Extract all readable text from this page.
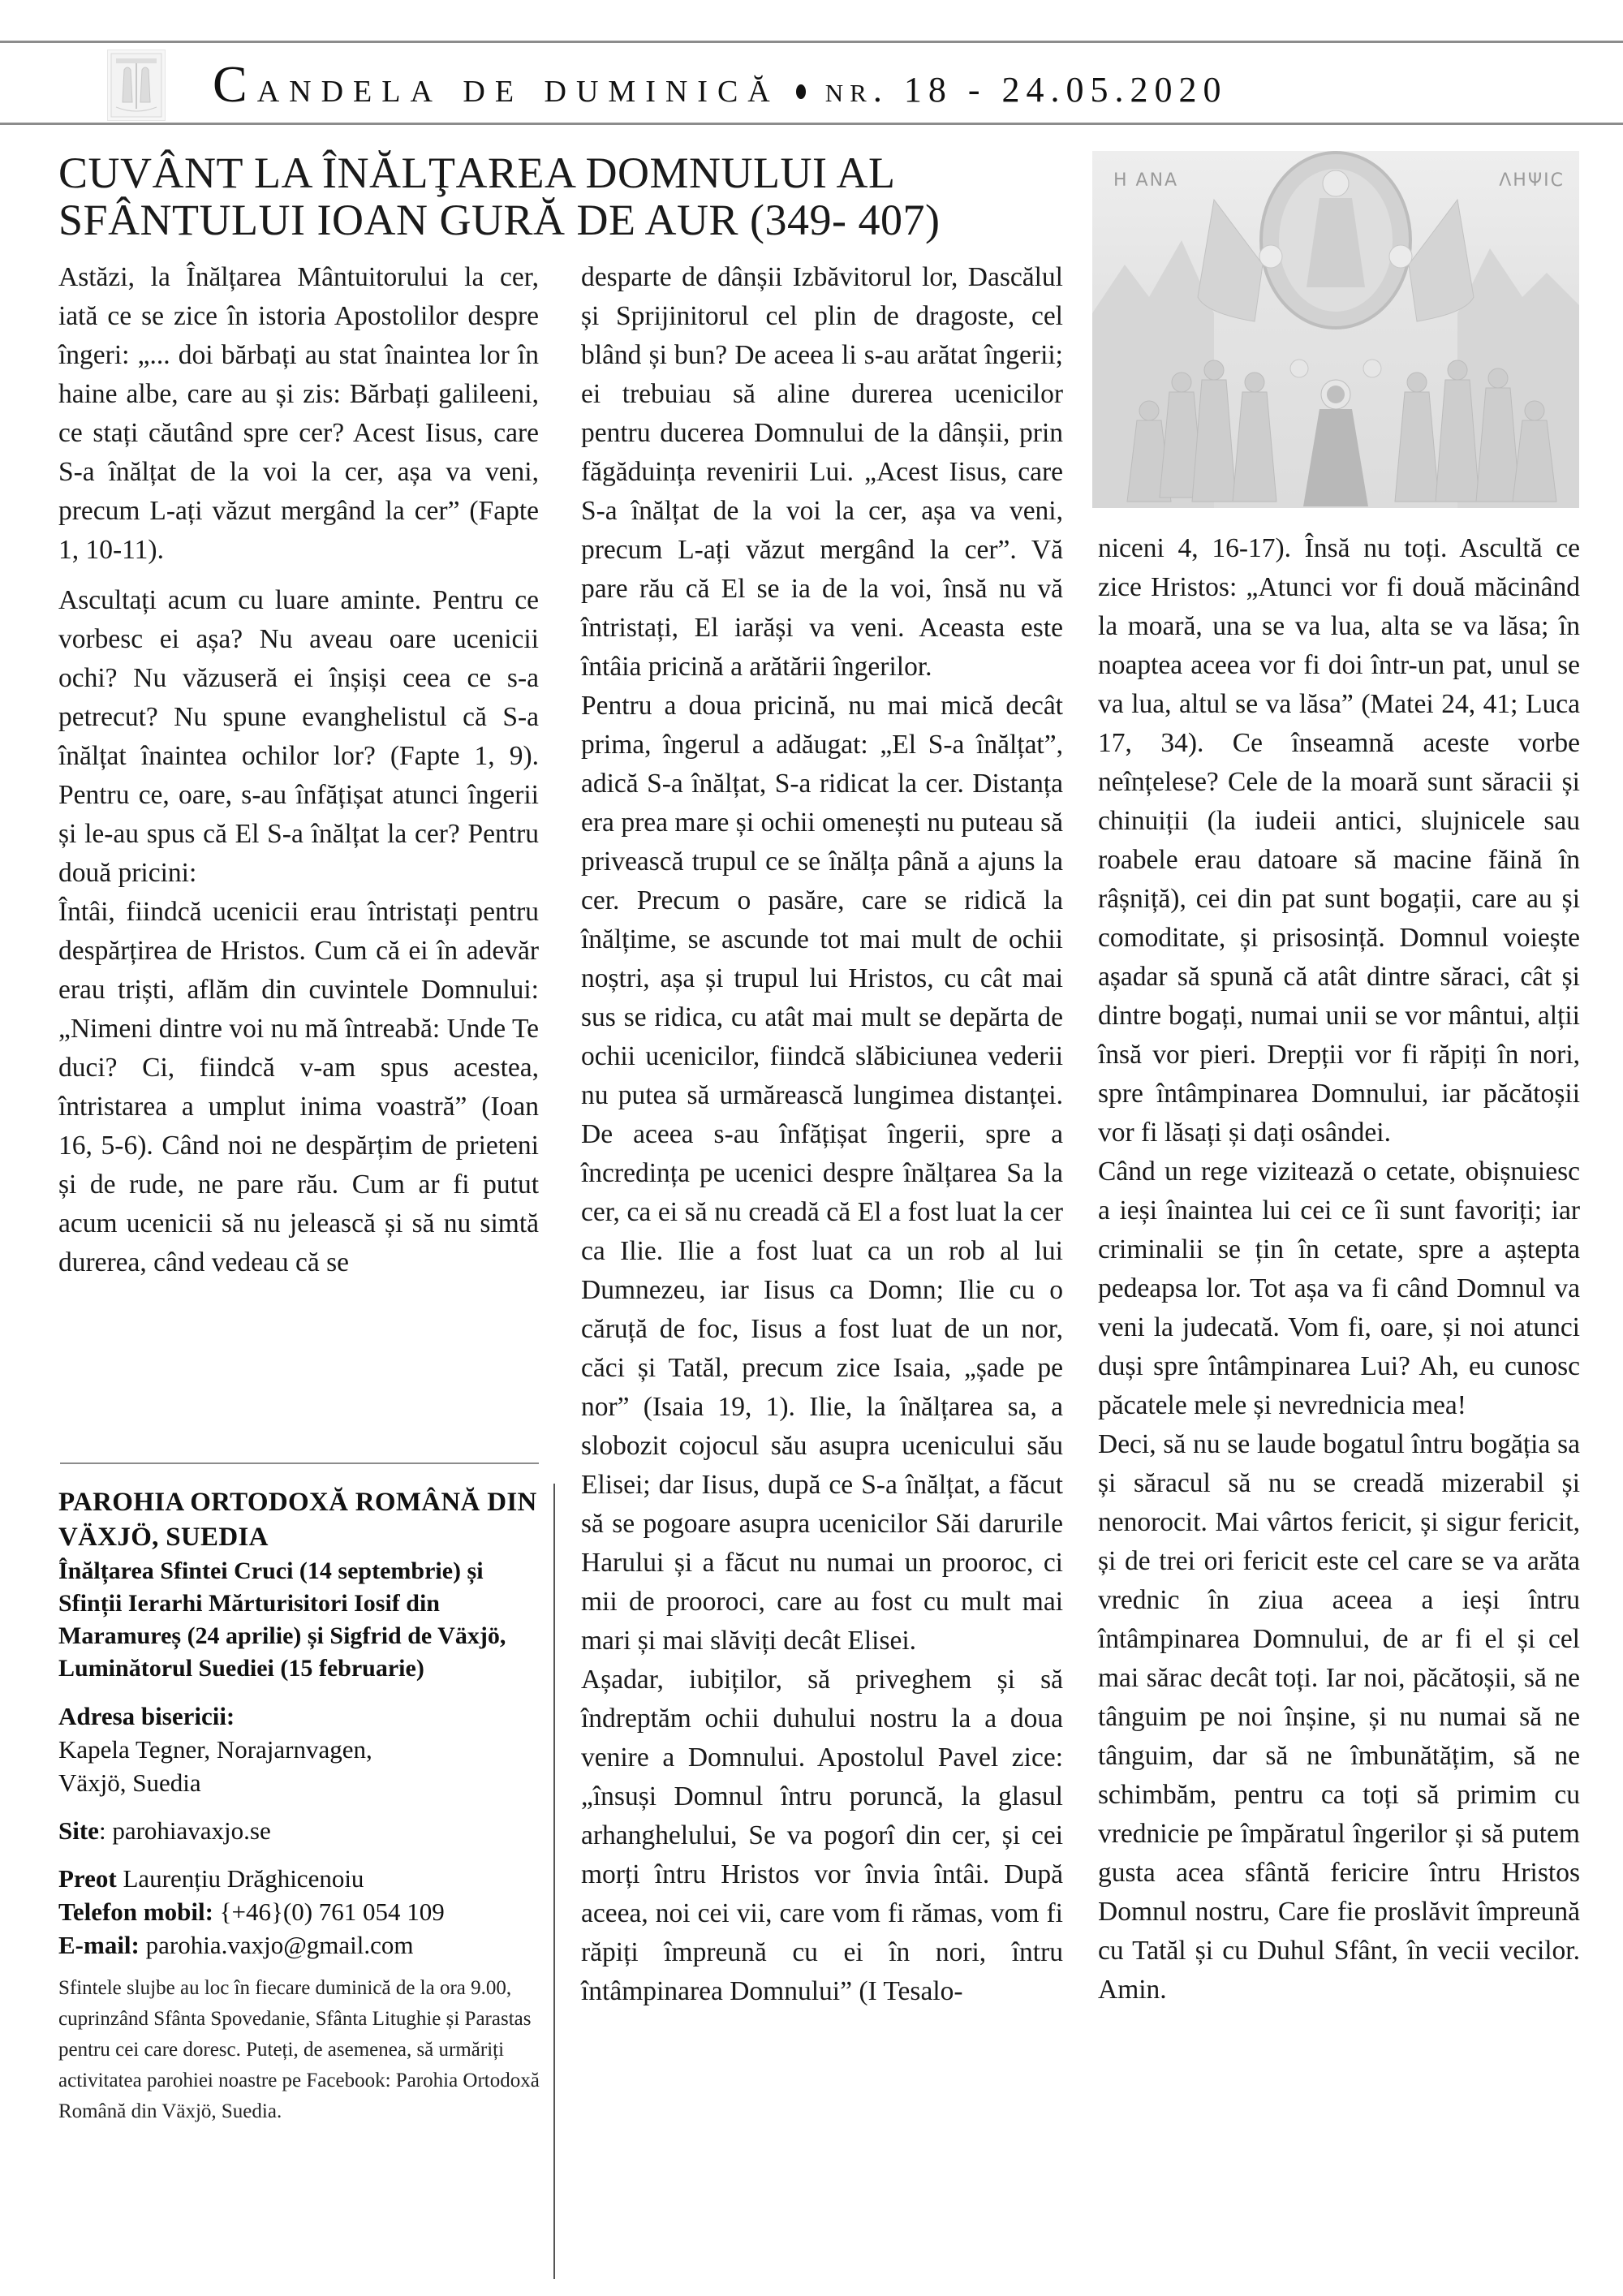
Candela de duminică nr. 18 - 24.05.2020
CUVÂNT LA ÎNĂLŢAREA DOMNULUI AL
SFÂNTULUI IOAN GURĂ DE AUR (349- 407)
Η ΑΝΑ	ΛΗΨΙϹ

Astăzi, la Înălțarea Mântuitorului la cer, iată ce se zice în istoria Apostolilor despre îngeri: „... doi bărbați au stat înaintea lor în haine albe, care au și zis: Bărbați galileeni, ce stați căutând spre cer? Acest Iisus, care S-a înălțat de la voi la cer, așa va veni, precum L-ați văzut mergând la cer” (Fapte 1, 10-11).

Ascultați acum cu luare aminte. Pentru ce vorbesc ei așa? Nu aveau oare ucenicii ochi? Nu văzuseră ei înșiși ceea ce s-a petrecut? Nu spune evanghelistul că S-a înălțat înaintea ochilor lor? (Fapte 1, 9). Pentru ce, oare, s-au înfățișat atunci îngerii și le-au spus că El S-a înălțat la cer? Pentru două pricini:

Întâi, fiindcă ucenicii erau întristați pentru despărțirea de Hristos. Cum că ei în adevăr erau triști, aflăm din cuvintele Domnului: „Nimeni dintre voi nu mă întreabă: Unde Te duci? Ci, fiindcă v-am spus acestea, întristarea a umplut inima voastră” (Ioan 16, 5-6). Când noi ne despărțim de prieteni și de rude, ne pare rău. Cum ar fi putut acum ucenicii să nu jelească și să nu simtă durerea, când vedeau că se

desparte de dânșii Izbăvitorul lor, Dascălul și Sprijinitorul cel plin de dragoste, cel blând și bun? De aceea li s-au arătat îngerii; ei trebuiau să aline durerea ucenicilor pentru ducerea Domnului de la dânșii, prin făgăduința revenirii Lui. „Acest Iisus, care S-a înălțat de la voi la cer, așa va veni, precum L-ați văzut mergând la cer”. Vă pare rău că El se ia de la voi, însă nu vă întristați, El iarăși va veni. Aceasta este întâia pricină a arătării îngerilor.

Pentru a doua pricină, nu mai mică decât prima, îngerul a adăugat: „El S-a înălțat”, adică S-a înălțat, S-a ridicat la cer. Distanța era prea mare și ochii omenești nu puteau să privească trupul ce se înălța până a ajuns la cer. Precum o pasăre, care se ridică la înălțime, se ascunde tot mai mult de ochii noștri, așa și trupul lui Hristos, cu cât mai sus se ridica, cu atât mai mult se depărta de ochii ucenicilor, fiindcă slăbiciunea vederii nu putea să urmărească lungimea distanței. De aceea s-au înfățișat îngerii, spre a încredința pe ucenici despre înălțarea Sa la cer, ca ei să nu creadă că El a fost luat la cer ca Ilie. Ilie a fost luat ca un rob al lui Dumnezeu, iar Iisus ca Domn; Ilie cu o căruță de foc, Iisus a fost luat de un nor, căci și Tatăl, precum zice Isaia, „șade pe nor” (Isaia 19, 1). Ilie, la înălțarea sa, a slobozit cojocul său asupra ucenicului său Elisei; dar Iisus, după ce S-a înălțat, a făcut să se pogoare asupra ucenicilor Săi darurile Harului și a făcut nu numai un prooroc, ci mii de prooroci, care au fost cu mult mai mari și mai slăviți decât Elisei.

Așadar, iubiților, să priveghem și să îndreptăm ochii duhului nostru la a doua venire a Domnului. Apostolul Pavel zice: „însuși Domnul întru poruncă, la glasul arhanghelului, Se va pogorî din cer, și cei morți întru Hristos vor învia întâi. După aceea, noi cei vii, care vom fi rămas, vom fi răpiți împreună cu ei în nori, întru întâmpinarea Domnului” (I Tesalo-

niceni 4, 16-17). Însă nu toți. Ascultă ce zice Hristos: „Atunci vor fi două măcinând la moară, una se va lua, alta se va lăsa; în noaptea aceea vor fi doi într-un pat, unul se va lua, altul se va lăsa” (Matei 24, 41; Luca 17, 34). Ce înseamnă aceste vorbe neînțelese? Cele de la moară sunt săracii și chinuiții (la iudeii antici, slujnicele sau roabele erau datoare să macine făină în râșniță), cei din pat sunt bogații, care au și comoditate, și prisosință. Domnul voiește așadar să spună că atât dintre săraci, cât și dintre bogați, numai unii se vor mântui, alții însă vor pieri. Drepții vor fi răpiți în nori, spre întâmpinarea Domnului, iar păcătoșii vor fi lăsați și dați osândei.

Când un rege vizitează o cetate, obișnuiesc a ieși înaintea lui cei ce îi sunt favoriți; iar criminalii se țin în cetate, spre a aștepta pedeapsa lor. Tot așa va fi când Domnul va veni la judecată. Vom fi, oare, și noi atunci duși spre întâmpinarea Lui? Ah, eu cunosc păcatele mele și nevrednicia mea!

Deci, să nu se laude bogatul întru bogăția sa și săracul să nu se creadă mizerabil și nenorocit. Mai vârtos fericit, și sigur fericit, și de trei ori fericit este cel care se va arăta vrednic în ziua aceea a ieși întru întâmpinarea Domnului, de ar fi el și cel mai sărac decât toți. Iar noi, păcătoșii, să ne tânguim pe noi înșine, și nu numai să ne tânguim, dar să ne îmbunătățim, să ne schimbăm, pentru ca toți să primim cu vrednicie pe împăratul îngerilor și să putem gusta acea sfântă fericire întru Hristos Domnul nostru, Care fie proslăvit împreună cu Tatăl și cu Duhul Sfânt, în vecii vecilor. Amin.

PAROHIA ORTODOXĂ ROMÂNĂ DIN VÄXJÖ, SUEDIA
Înălțarea Sfintei Cruci (14 septembrie) și Sfinții Ierarhi Mărturisitori Iosif din Maramureș (24 aprilie) și Sigfrid de Växjö, Luminătorul Suediei (15 februarie)
Adresa bisericii:
Kapela Tegner, Norajarnvagen,
Växjö, Suedia
Site: parohiavaxjo.se
Preot Laurențiu Drăghicenoiu
Telefon mobil: {+46}(0) 761 054 109
E-mail: parohia.vaxjo@gmail.com
Sfintele slujbe au loc în fiecare duminică de la ora 9.00, cuprinzând Sfânta Spovedanie, Sfânta Litughie și Parastas pentru cei care doresc. Puteți, de asemenea, să urmăriți activitatea parohiei noastre pe Facebook: Parohia Ortodoxă Română din Växjö, Suedia.
